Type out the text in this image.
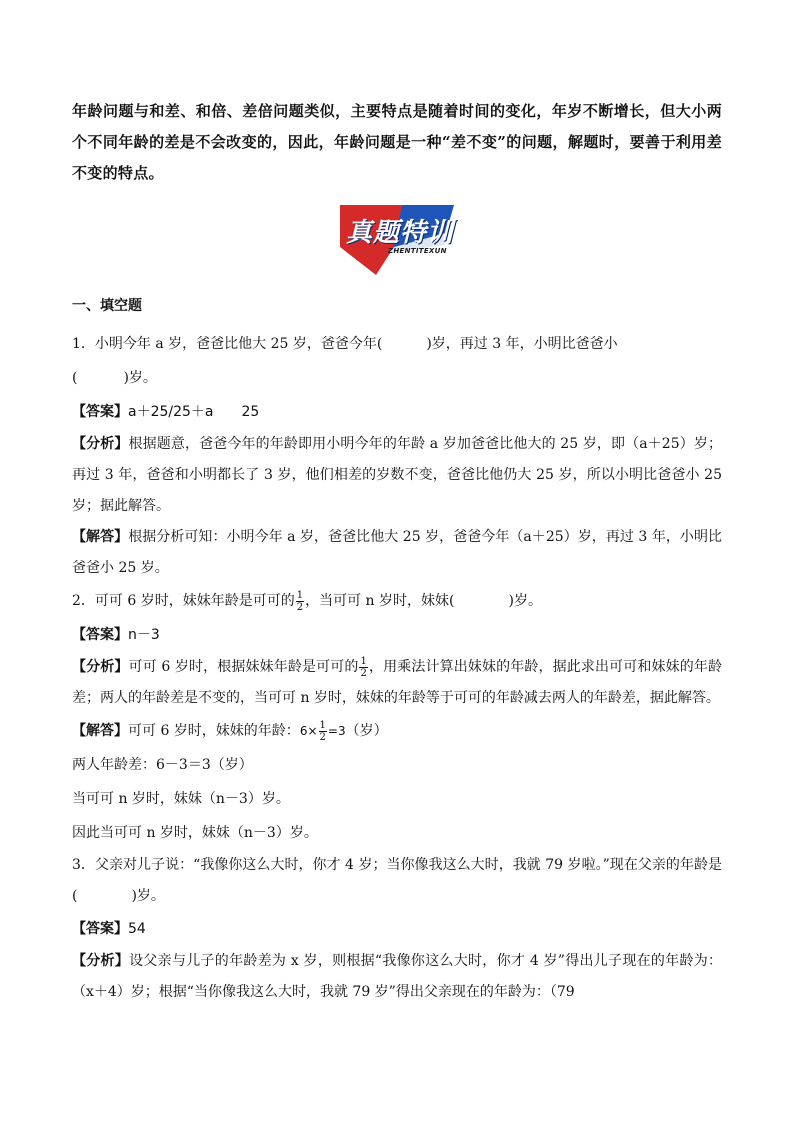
年龄问题与和差、和倍、差倍问题类似，主要特点是随着时间的变化，年岁不断增长，但大小两个不同年龄的差是不会改变的，因此，年龄问题是一种“差不变”的问题，解题时，要善于利用差不变的特点。

真题特训
ZHENTITEXUN

一、填空题

1．小明今年 a 岁，爸爸比他大 25 岁，爸爸今年(	)岁，再过 3 年，小明比爸爸小

(	)岁。

【答案】a＋25/25＋a　　25

【分析】根据题意，爸爸今年的年龄即用小明今年的年龄 a 岁加爸爸比他大的 25 岁，即（a＋25）岁；再过 3 年，爸爸和小明都长了 3 岁，他们相差的岁数不变，爸爸比他仍大 25 岁，所以小明比爸爸小 25 岁；据此解答。

【解答】根据分析可知：小明今年 a 岁，爸爸比他大 25 岁，爸爸今年（a＋25）岁，再过 3 年，小明比爸爸小 25 岁。

2．可可 6 岁时，妹妹年龄是可可的 $\frac{1}{2}$ ，当可可 n 岁时，妹妹(	)岁。

【答案】n－3

【分析】可可 6 岁时，根据妹妹年龄是可可的 $\frac{1}{2}$ ，用乘法计算出妹妹的年龄，据此求出可可和妹妹的年龄差；两人的年龄差是不变的，当可可 n 岁时，妹妹的年龄等于可可的年龄减去两人的年龄差，据此解答。

【解答】可可 6 岁时，妹妹的年龄：$6\times \frac{1}{2} =3$（岁）

两人年龄差：6－3＝3（岁）

当可可 n 岁时，妹妹（n－3）岁。

因此当可可 n 岁时，妹妹（n－3）岁。

3．父亲对儿子说：“我像你这么大时，你才 4 岁；当你像我这么大时，我就 79 岁啦。”现在父亲的年龄是(	)岁。

【答案】54

【分析】设父亲与儿子的年龄差为 x 岁，则根据“我像你这么大时，你才 4 岁”得出儿子现在的年龄为：（x＋4）岁；根据“当你像我这么大时，我就 79 岁”得出父亲现在的年龄为：（79
